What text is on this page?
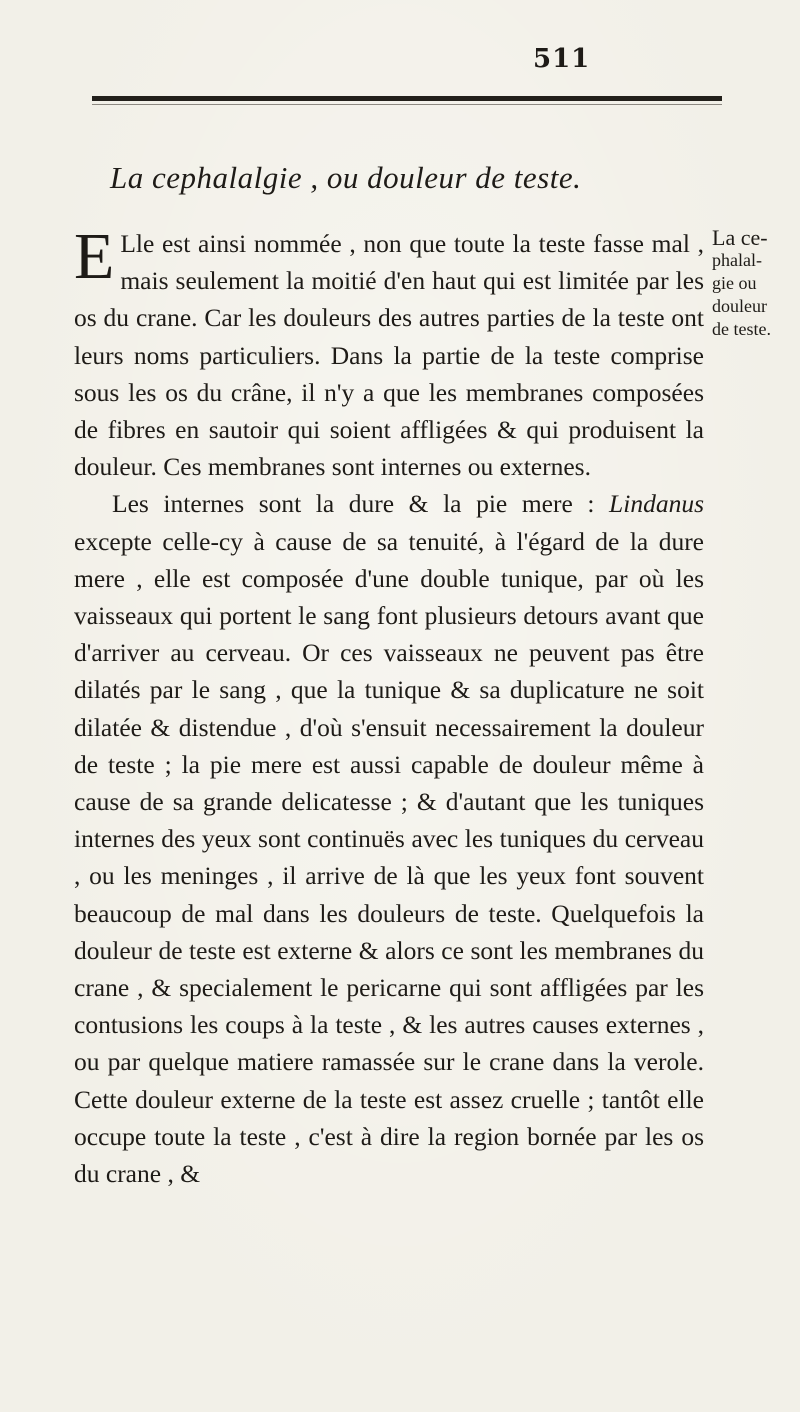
511
La cephalalgie , ou douleur de teste.

E Lle est ainsi nommée , non que toute la teste fasse mal , mais seulement la moitié d'en haut qui est limitée par les os du crane. Car les douleurs des autres parties de la teste ont leurs noms particuliers. Dans la partie de la teste comprise sous les os du crâne, il n'y a que les membranes composées de fibres en sautoir qui soient affligées & qui produisent la douleur. Ces membranes sont internes ou externes.

Les internes sont la dure & la pie mere : Lindanus excepte celle-cy à cause de sa tenuité, à l'égard de la dure mere , elle est composée d'une double tunique, par où les vaisseaux qui portent le sang font plusieurs detours avant que d'arriver au cerveau. Or ces vaisseaux ne peuvent pas être dilatés par le sang , que la tunique & sa duplicature ne soit dilatée & distendue , d'où s'ensuit necessairement la douleur de teste ; la pie mere est aussi capable de douleur même à cause de sa grande delicatesse ; & d'autant que les tuniques internes des yeux sont continuës avec les tuniques du cerveau , ou les meninges , il arrive de là que les yeux font souvent beaucoup de mal dans les douleurs de teste. Quelquefois la douleur de teste est externe & alors ce sont les membranes du crane , & specialement le pericarne qui sont affligées par les contusions les coups à la teste , & les autres causes externes , ou par quelque matiere ramassée sur le crane dans la verole. Cette douleur externe de la teste est assez cruelle ; tantôt elle occupe toute la teste , c'est à dire la region bornée par les os du crane , &

La ce-
phalal-
gie ou
douleur
de teste.
